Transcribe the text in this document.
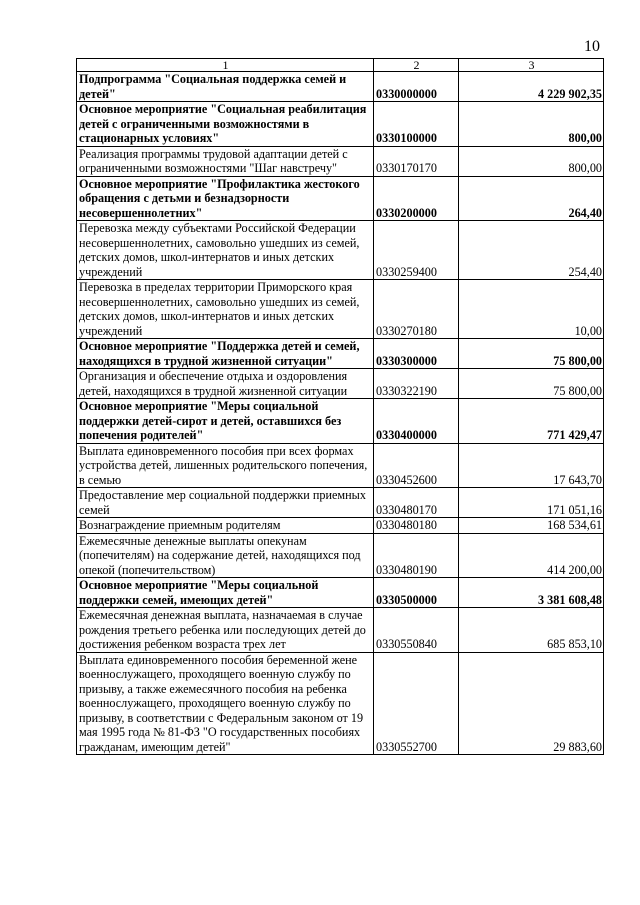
10
1	2	3
Подпрограмма "Социальная поддержка семей и детей"	0330000000	4 229 902,35
Основное мероприятие "Социальная реабилитация детей с ограниченными возможностями в стационарных условиях"	0330100000	800,00
Реализация программы трудовой адаптации детей с ограниченными возможностями "Шаг навстречу"	0330170170	800,00
Основное мероприятие "Профилактика жестокого обращения с детьми и безнадзорности несовершеннолетних"	0330200000	264,40
Перевозка между субъектами Российской Федерации несовершеннолетних, самовольно ушедших из семей, детских домов, школ-интернатов и иных детских учреждений	0330259400	254,40
Перевозка в пределах территории Приморского края несовершеннолетних, самовольно ушедших из семей, детских домов, школ-интернатов и иных детских учреждений	0330270180	10,00
Основное мероприятие "Поддержка детей и семей, находящихся в трудной жизненной ситуации"	0330300000	75 800,00
Организация и обеспечение отдыха и оздоровления детей, находящихся в трудной жизненной ситуации	0330322190	75 800,00
Основное мероприятие "Меры социальной поддержки детей-сирот и детей, оставшихся без попечения родителей"	0330400000	771 429,47
Выплата единовременного пособия при всех формах устройства детей, лишенных родительского попечения, в семью	0330452600	17 643,70
Предоставление мер социальной поддержки приемных семей	0330480170	171 051,16
Вознаграждение приемным родителям	0330480180	168 534,61
Ежемесячные денежные выплаты опекунам (попечителям) на содержание детей, находящихся под опекой (попечительством)	0330480190	414 200,00
Основное мероприятие "Меры социальной поддержки семей, имеющих детей"	0330500000	3 381 608,48
Ежемесячная денежная выплата, назначаемая в случае рождения третьего ребенка или последующих детей до достижения ребенком возраста трех лет	0330550840	685 853,10
Выплата единовременного пособия беременной жене военнослужащего, проходящего военную службу по призыву, а также ежемесячного пособия на ребенка военнослужащего, проходящего военную службу по призыву, в соответствии с Федеральным законом от 19 мая 1995 года № 81-ФЗ "О государственных пособиях гражданам, имеющим детей"	0330552700	29 883,60
